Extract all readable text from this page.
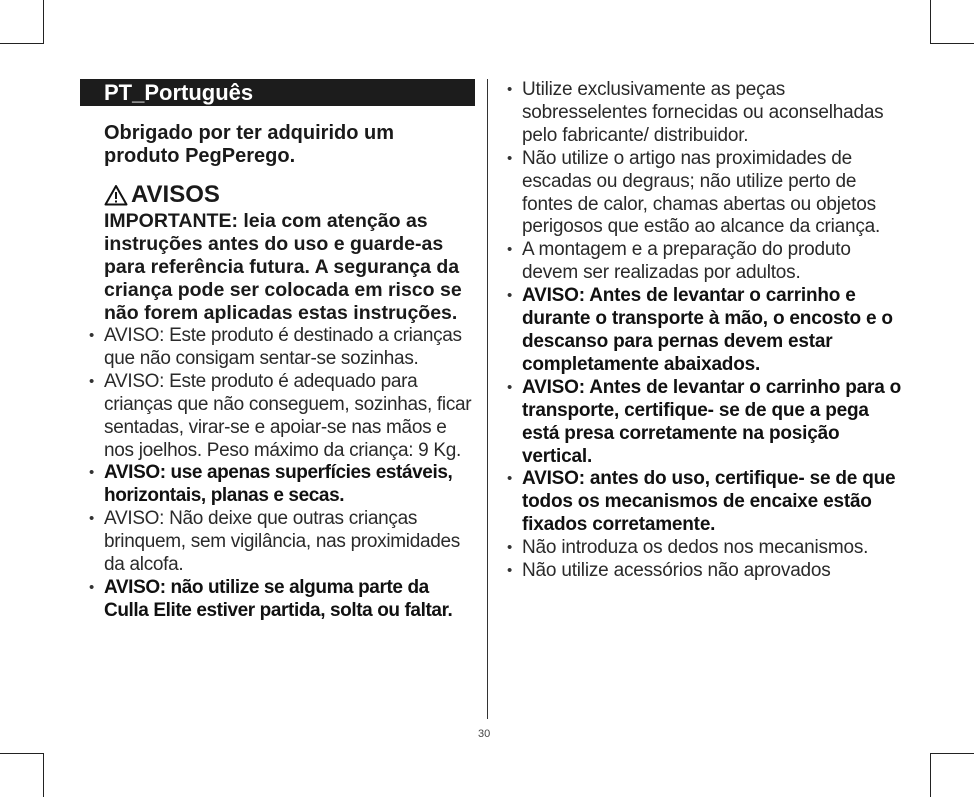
PT_Português
Obrigado por ter adquirido um produto PegPerego.
AVISOS
IMPORTANTE: leia com atenção as instruções antes do uso e guarde-as para referência futura. A segurança da criança pode ser colocada em risco se não forem aplicadas estas instruções.
• AVISO: Este produto é destinado a crianças que não consigam sentar-se sozinhas.
• AVISO: Este produto é adequado para crianças que não conseguem, sozinhas, ficar sentadas, virar-se e apoiar-se nas mãos e nos joelhos. Peso máximo da criança: 9 Kg.
• AVISO: use apenas superfícies estáveis, horizontais, planas e secas.
• AVISO: Não deixe que outras crianças brinquem, sem vigilância, nas proximidades da alcofa.
• AVISO: não utilize se alguma parte da Culla Elite estiver partida, solta ou faltar.
• Utilize exclusivamente as peças sobresselentes fornecidas ou aconselhadas pelo fabricante/ distribuidor.
• Não utilize o artigo nas proximidades de escadas ou degraus; não utilize perto de fontes de calor, chamas abertas ou objetos perigosos que estão ao alcance da criança.
• A montagem e a preparação do produto devem ser realizadas por adultos.
• AVISO: Antes de levantar o carrinho e durante o transporte à mão, o encosto e o descanso para pernas devem estar completamente abaixados.
• AVISO: Antes de levantar o carrinho para o transporte, certifique- se de que a pega está presa corretamente na posição vertical.
• AVISO: antes do uso, certifique- se de que todos os mecanismos de encaixe estão fixados corretamente.
• Não introduza os dedos nos mecanismos.
• Não utilize acessórios não aprovados
30
